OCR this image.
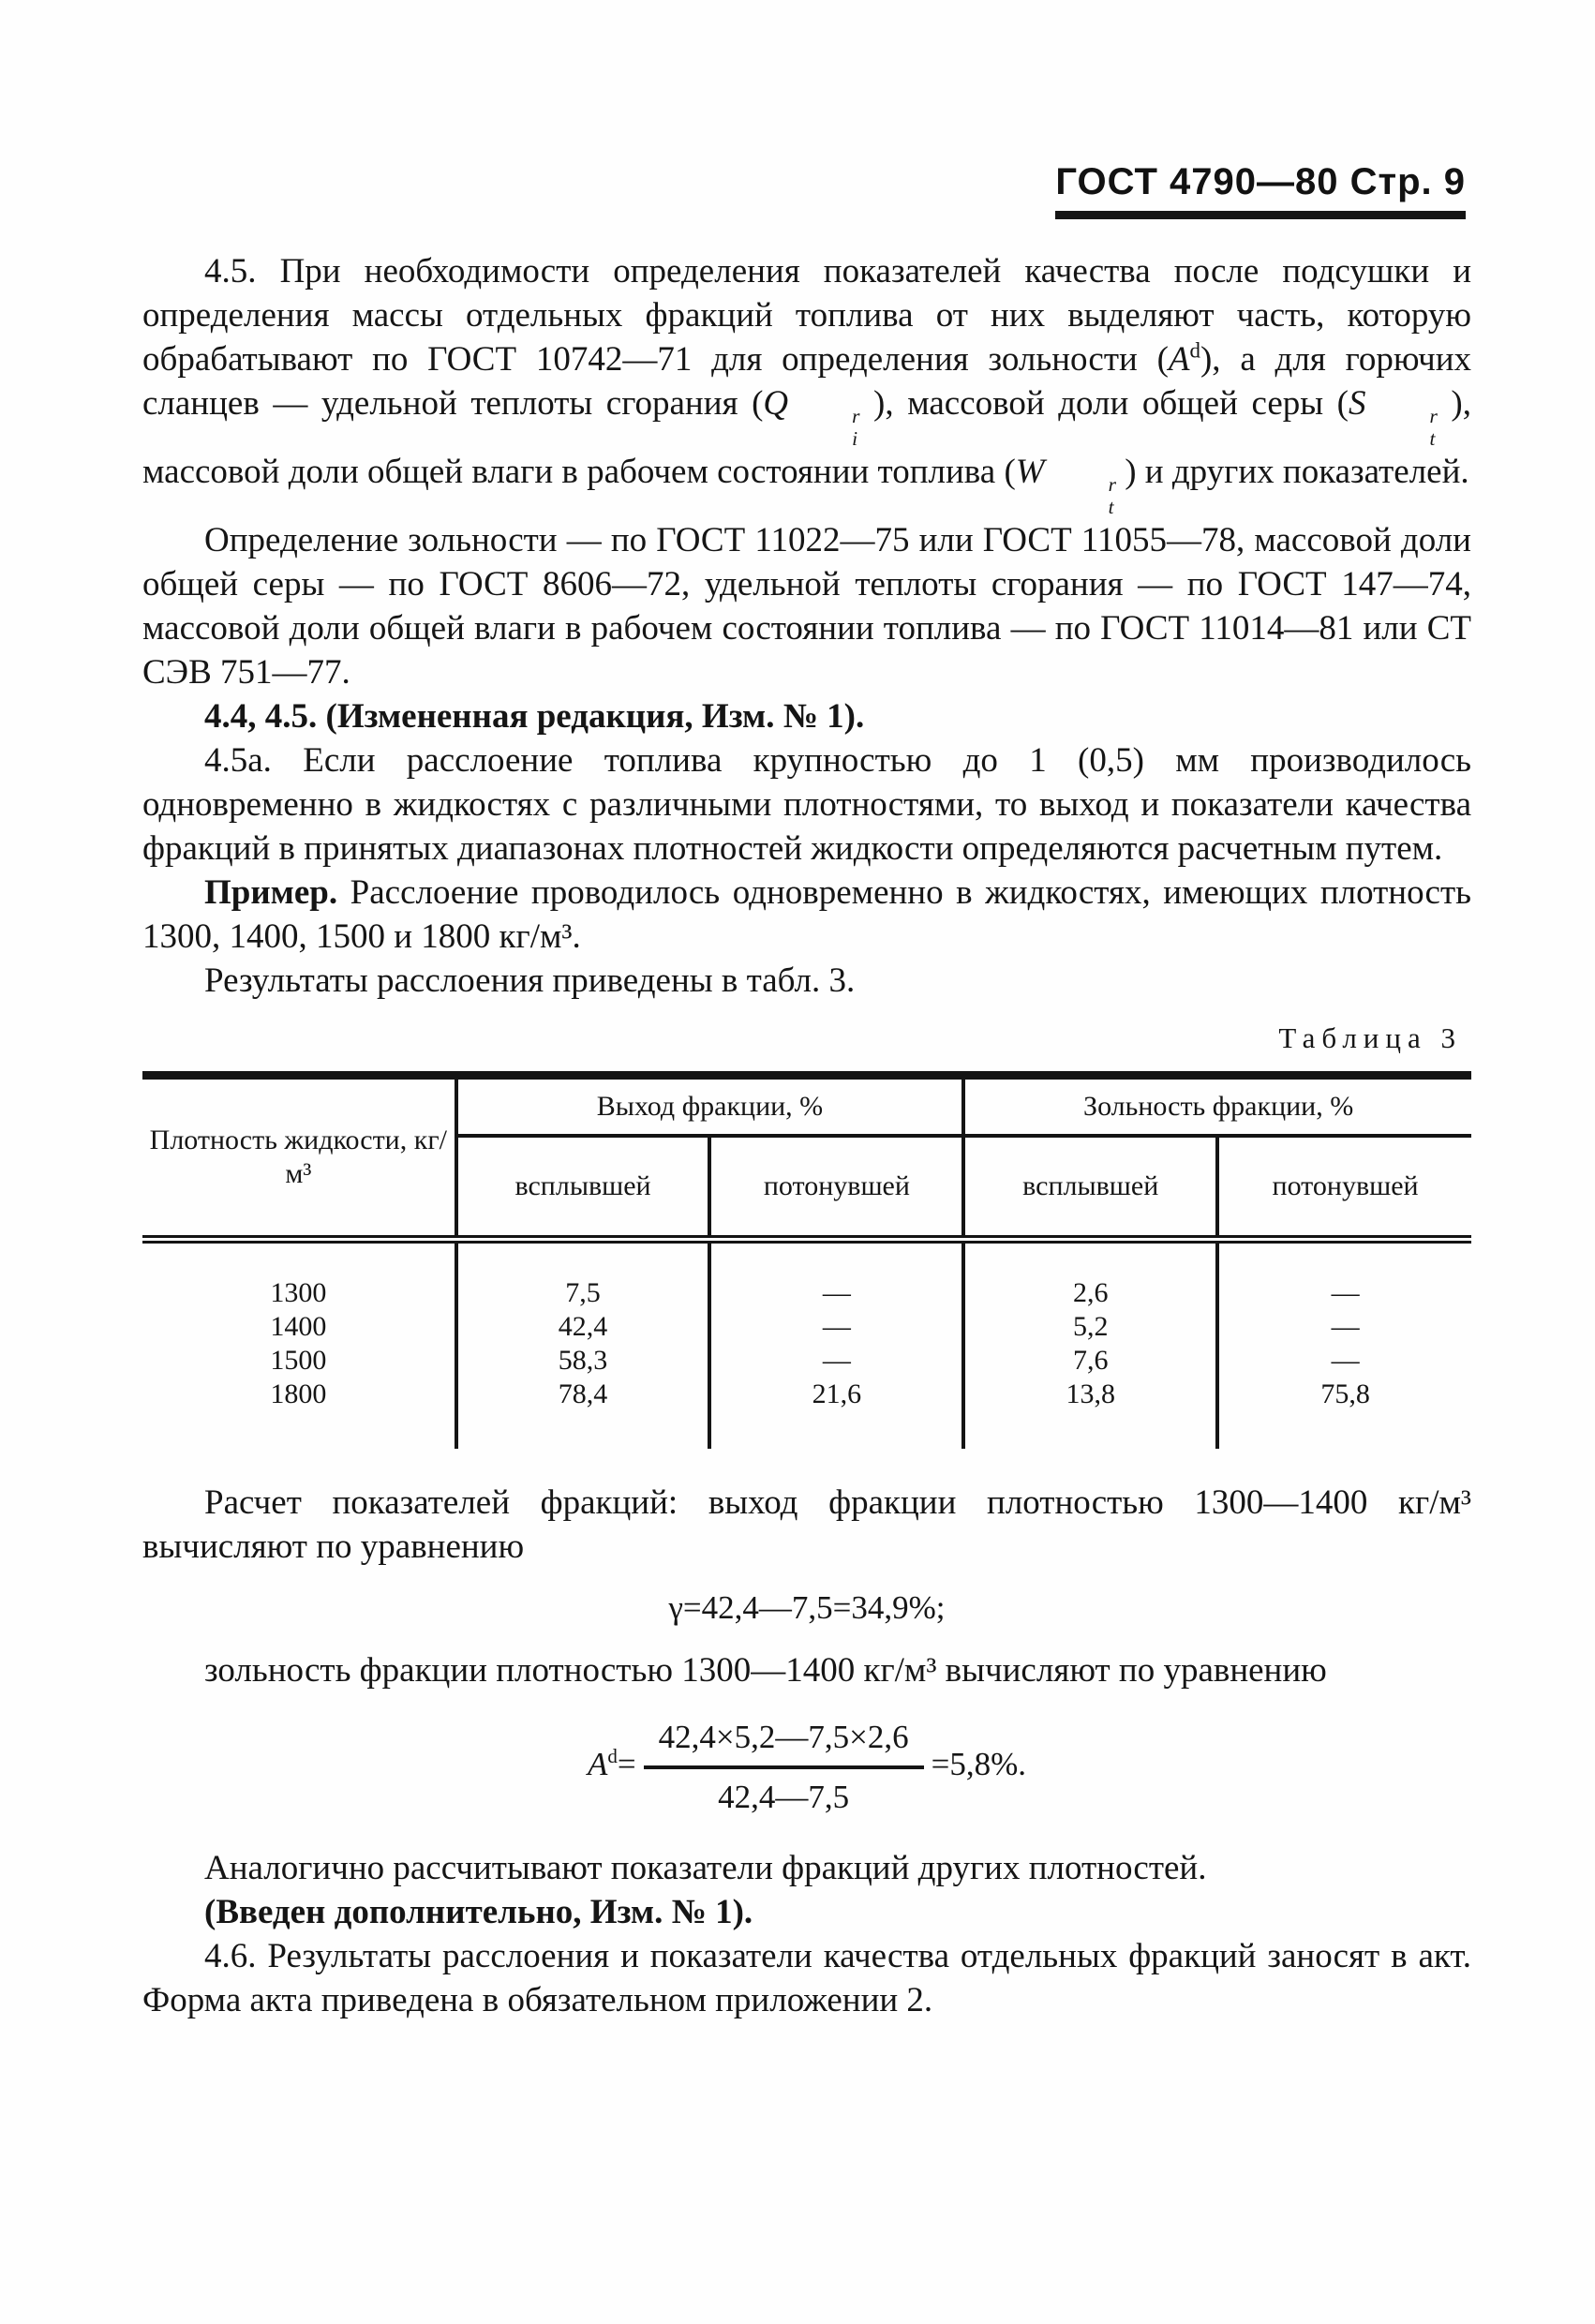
ГОСТ 4790—80 Стр. 9

4.5. При необходимости определения показателей качества после подсушки и определения массы отдельных фракций топлива от них выделяют часть, которую обрабатывают по ГОСТ 10742—71 для определения зольности $(A^d)$, а для горючих сланцев — удельной теплоты сгорания (Q	r
i
), массовой доли общей серы (S	r
t
), массовой доли общей влаги в рабочем состоянии топлива (W	r
t
) и других показателей.

Определение зольности — по ГОСТ 11022—75 или ГОСТ 11055—78, массовой доли общей серы — по ГОСТ 8606—72, удельной теплоты сгорания — по ГОСТ 147—74, массовой доли общей влаги в рабочем состоянии топлива — по ГОСТ 11014—81 или СТ СЭВ 751—77.

4.4, 4.5. (Измененная редакция, Изм. № 1).

4.5а. Если расслоение топлива крупностью до 1 (0,5) мм производилось одновременно в жидкостях с различными плотностями, то выход и показатели качества фракций в принятых диапазонах плотностей жидкости определяются расчетным путем.

Пример. Расслоение проводилось одновременно в жидкостях, имеющих плотность 1300, 1400, 1500 и 1800 кг/м³.

Результаты расслоения приведены в табл. 3.

Таблица 3
Плотность жидкости, кг/м³	Выход фракции, %		Зольность фракции, %	
	всплывшей	потонувшей	всплывшей	потонувшей
1300	7,5	—	2,6	—
1400	42,4	—	5,2	—
1500	58,3	—	7,6	—
1800	78,4	21,6	13,8	75,8

Расчет показателей фракций: выход фракции плотностью 1300—1400 кг/м³ вычисляют по уравнению

γ=42,4—7,5=34,9%;

зольность фракции плотностью 1300—1400 кг/м³ вычисляют по уравнению

$A^d= \frac{42,4\times 5,2—7,5\times 2,6}{42,4—7,5} =5,8\%$.

Аналогично рассчитывают показатели фракций других плотностей.

(Введен дополнительно, Изм. № 1).

4.6. Результаты расслоения и показатели качества отдельных фракций заносят в акт. Форма акта приведена в обязательном приложении 2.
